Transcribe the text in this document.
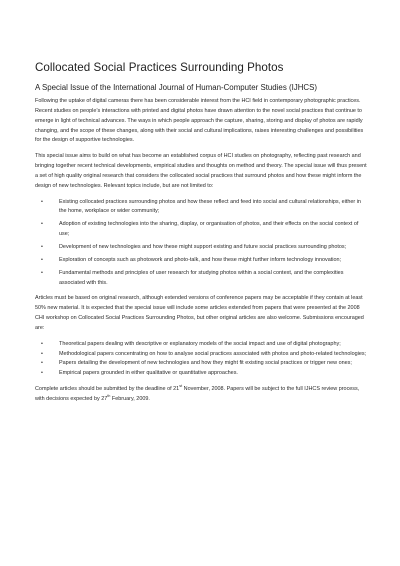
Collocated Social Practices Surrounding Photos
A Special Issue of the International Journal of Human-Computer Studies (IJHCS)

Following the uptake of digital cameras there has been considerable interest from the HCI field in contemporary photographic practices. Recent studies on people’s interactions with printed and digital photos have drawn attention to the novel social practices that continue to emerge in light of technical advances. The ways in which people approach the capture, sharing, storing and display of photos are rapidly changing, and the scope of these changes, along with their social and cultural implications, raises interesting challenges and possibilities for the design of supportive technologies.

This special issue aims to build on what has become an established corpus of HCI studies on photography, reflecting past research and bringing together recent technical developments, empirical studies and thoughts on method and theory. The special issue will thus present a set of high quality original research that considers the collocated social practices that surround photos and how these might inform the design of new technologies. Relevant topics include, but are not limited to:

•	Existing collocated practices surrounding photos and how these reflect and feed into social and cultural relationships, either in the home, workplace or wider community;
•	Adoption of existing technologies into the sharing, display, or organisation of photos, and their effects on the social context of use;
•	Development of new technologies and how these might support existing and future social practices surrounding photos;
•	Exploration of concepts such as photowork and photo-talk, and how these might further inform technology innovation;
•	Fundamental methods and principles of user research for studying photos within a social context, and the complexities associated with this.

Articles must be based on original research, although extended versions of conference papers may be acceptable if they contain at least 50% new material. It is expected that the special issue will include some articles extended from papers that were presented at the 2008 CHI workshop on Collocated Social Practices Surrounding Photos, but other original articles are also welcome. Submissions encouraged are:

•	Theoretical papers dealing with descriptive or explanatory models of the social impact and use of digital photography;
•	Methodological papers concentrating on how to analyse social practices associated with photos and photo-related technologies;
•	Papers detailing the development of new technologies and how they might fit existing social practices or trigger new ones;
•	Empirical papers grounded in either qualitative or quantitative approaches.

Complete articles should be submitted by the deadline of 21st November, 2008. Papers will be subject to the full IJHCS review process, with decisions expected by 27th February, 2009.
